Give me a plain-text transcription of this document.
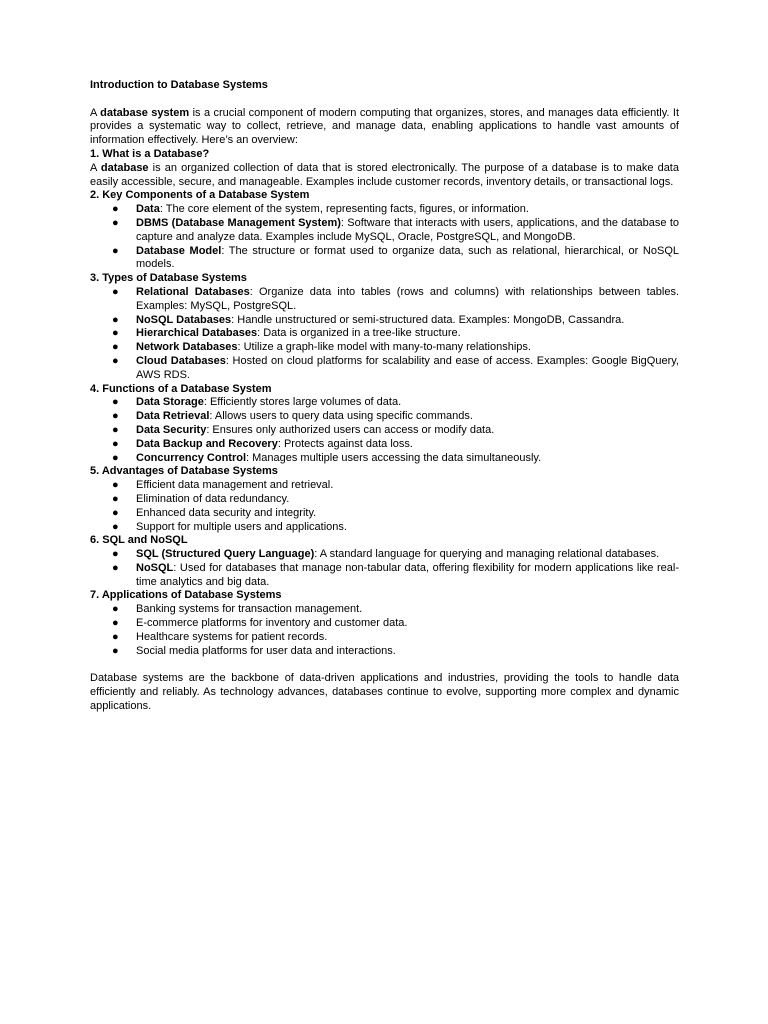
Introduction to Database Systems

A database system is a crucial component of modern computing that organizes, stores, and manages data efficiently. It provides a systematic way to collect, retrieve, and manage data, enabling applications to handle vast amounts of information effectively. Here’s an overview:

1. What is a Database?

A database is an organized collection of data that is stored electronically. The purpose of a database is to make data easily accessible, secure, and manageable. Examples include customer records, inventory details, or transactional logs.

2. Key Components of a Database System
● Data: The core element of the system, representing facts, figures, or information.
● DBMS (Database Management System): Software that interacts with users, applications, and the database to capture and analyze data. Examples include MySQL, Oracle, PostgreSQL, and MongoDB.
● Database Model: The structure or format used to organize data, such as relational, hierarchical, or NoSQL models.
3. Types of Database Systems
● Relational Databases: Organize data into tables (rows and columns) with relationships between tables. Examples: MySQL, PostgreSQL.
● NoSQL Databases: Handle unstructured or semi-structured data. Examples: MongoDB, Cassandra.
● Hierarchical Databases: Data is organized in a tree-like structure.
● Network Databases: Utilize a graph-like model with many-to-many relationships.
● Cloud Databases: Hosted on cloud platforms for scalability and ease of access. Examples: Google BigQuery, AWS RDS.
4. Functions of a Database System
● Data Storage: Efficiently stores large volumes of data.
● Data Retrieval: Allows users to query data using specific commands.
● Data Security: Ensures only authorized users can access or modify data.
● Data Backup and Recovery: Protects against data loss.
● Concurrency Control: Manages multiple users accessing the data simultaneously.
5. Advantages of Database Systems
● Efficient data management and retrieval.
● Elimination of data redundancy.
● Enhanced data security and integrity.
● Support for multiple users and applications.
6. SQL and NoSQL
● SQL (Structured Query Language): A standard language for querying and managing relational databases.
● NoSQL: Used for databases that manage non-tabular data, offering flexibility for modern applications like real-time analytics and big data.
7. Applications of Database Systems
● Banking systems for transaction management.
● E-commerce platforms for inventory and customer data.
● Healthcare systems for patient records.
● Social media platforms for user data and interactions.

Database systems are the backbone of data-driven applications and industries, providing the tools to handle data efficiently and reliably. As technology advances, databases continue to evolve, supporting more complex and dynamic applications.
